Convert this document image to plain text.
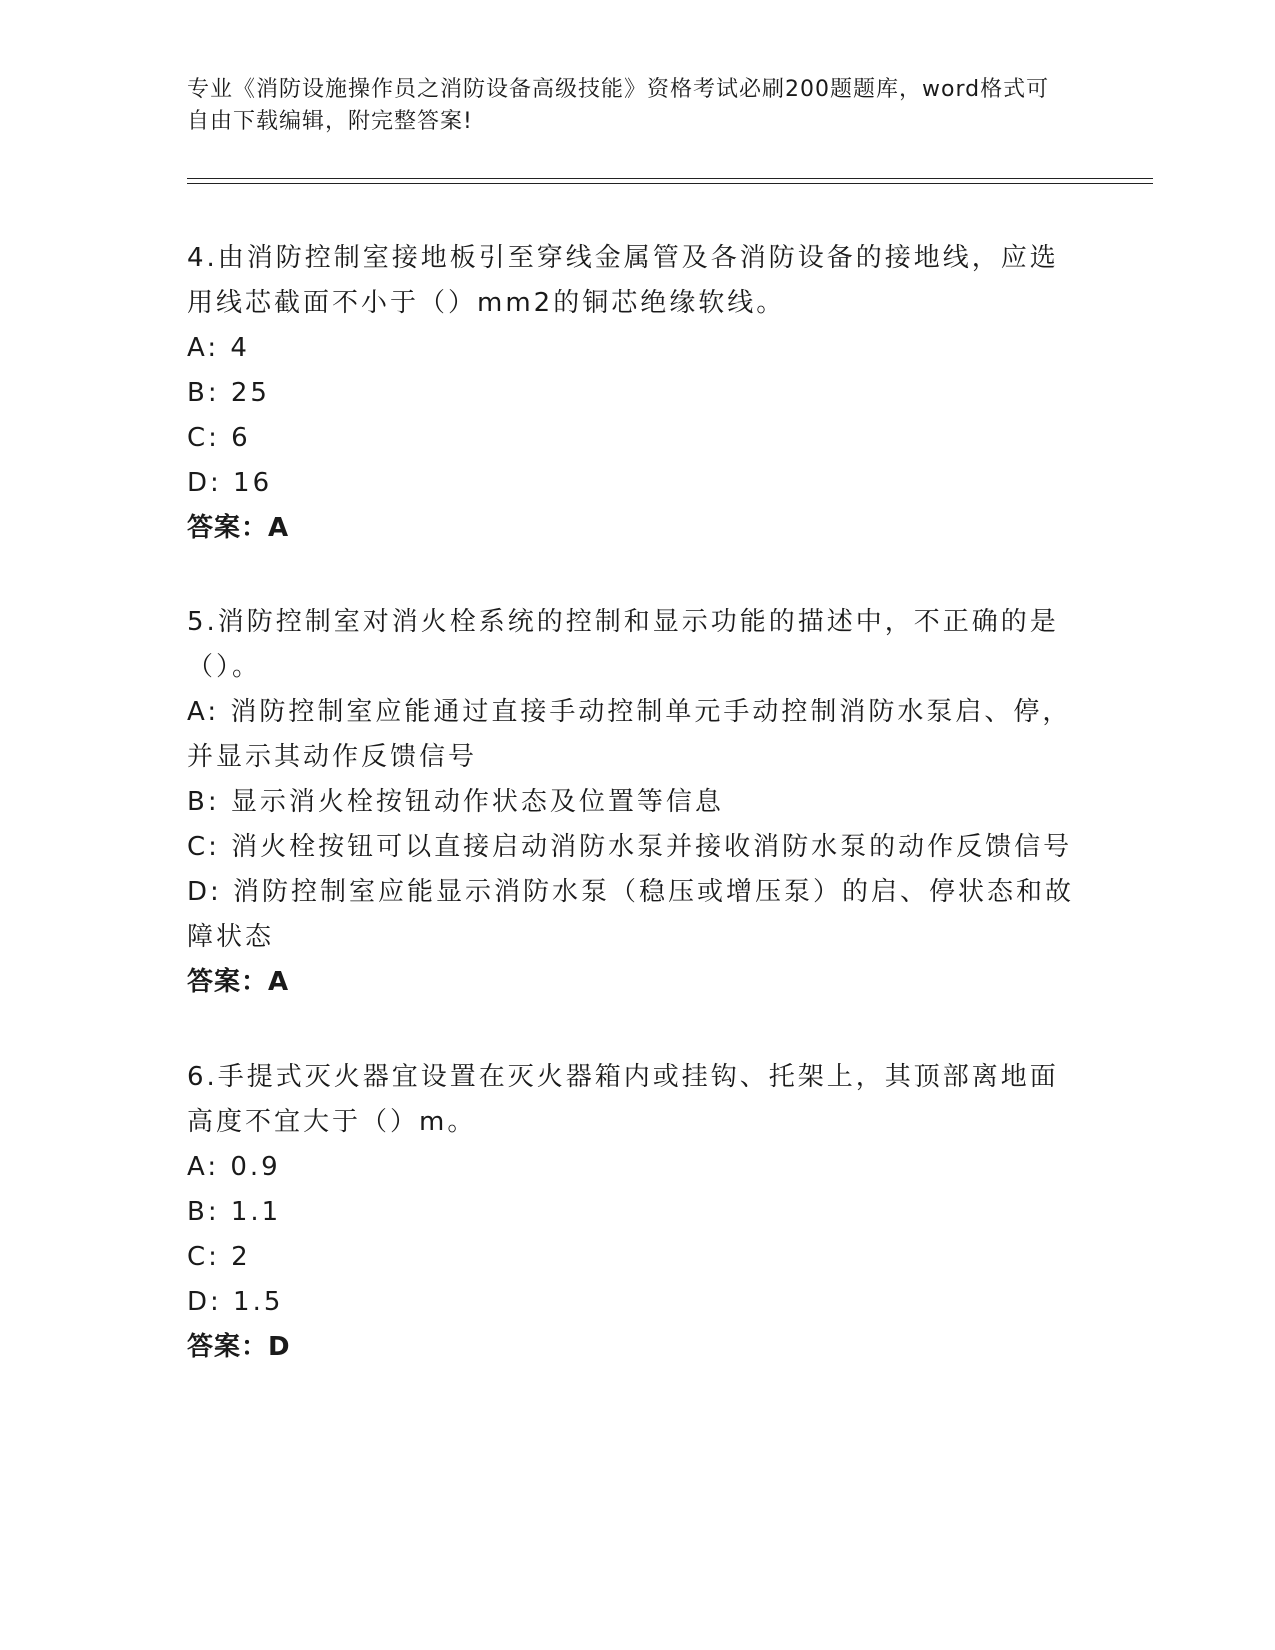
专业《消防设施操作员之消防设备高级技能》资格考试必刷200题题库，word格式可自由下载编辑，附完整答案!
4.由消防控制室接地板引至穿线金属管及各消防设备的接地线，应选用线芯截面不小于（）mm2的铜芯绝缘软线。
A: 4
B: 25
C: 6
D: 16
答案：A
5.消防控制室对消火栓系统的控制和显示功能的描述中，不正确的是（）。
A: 消防控制室应能通过直接手动控制单元手动控制消防水泵启、停，并显示其动作反馈信号
B: 显示消火栓按钮动作状态及位置等信息
C: 消火栓按钮可以直接启动消防水泵并接收消防水泵的动作反馈信号
D: 消防控制室应能显示消防水泵（稳压或增压泵）的启、停状态和故障状态
答案：A
6.手提式灭火器宜设置在灭火器箱内或挂钩、托架上，其顶部离地面高度不宜大于（）m。
A: 0.9
B: 1.1
C: 2
D: 1.5
答案：D
